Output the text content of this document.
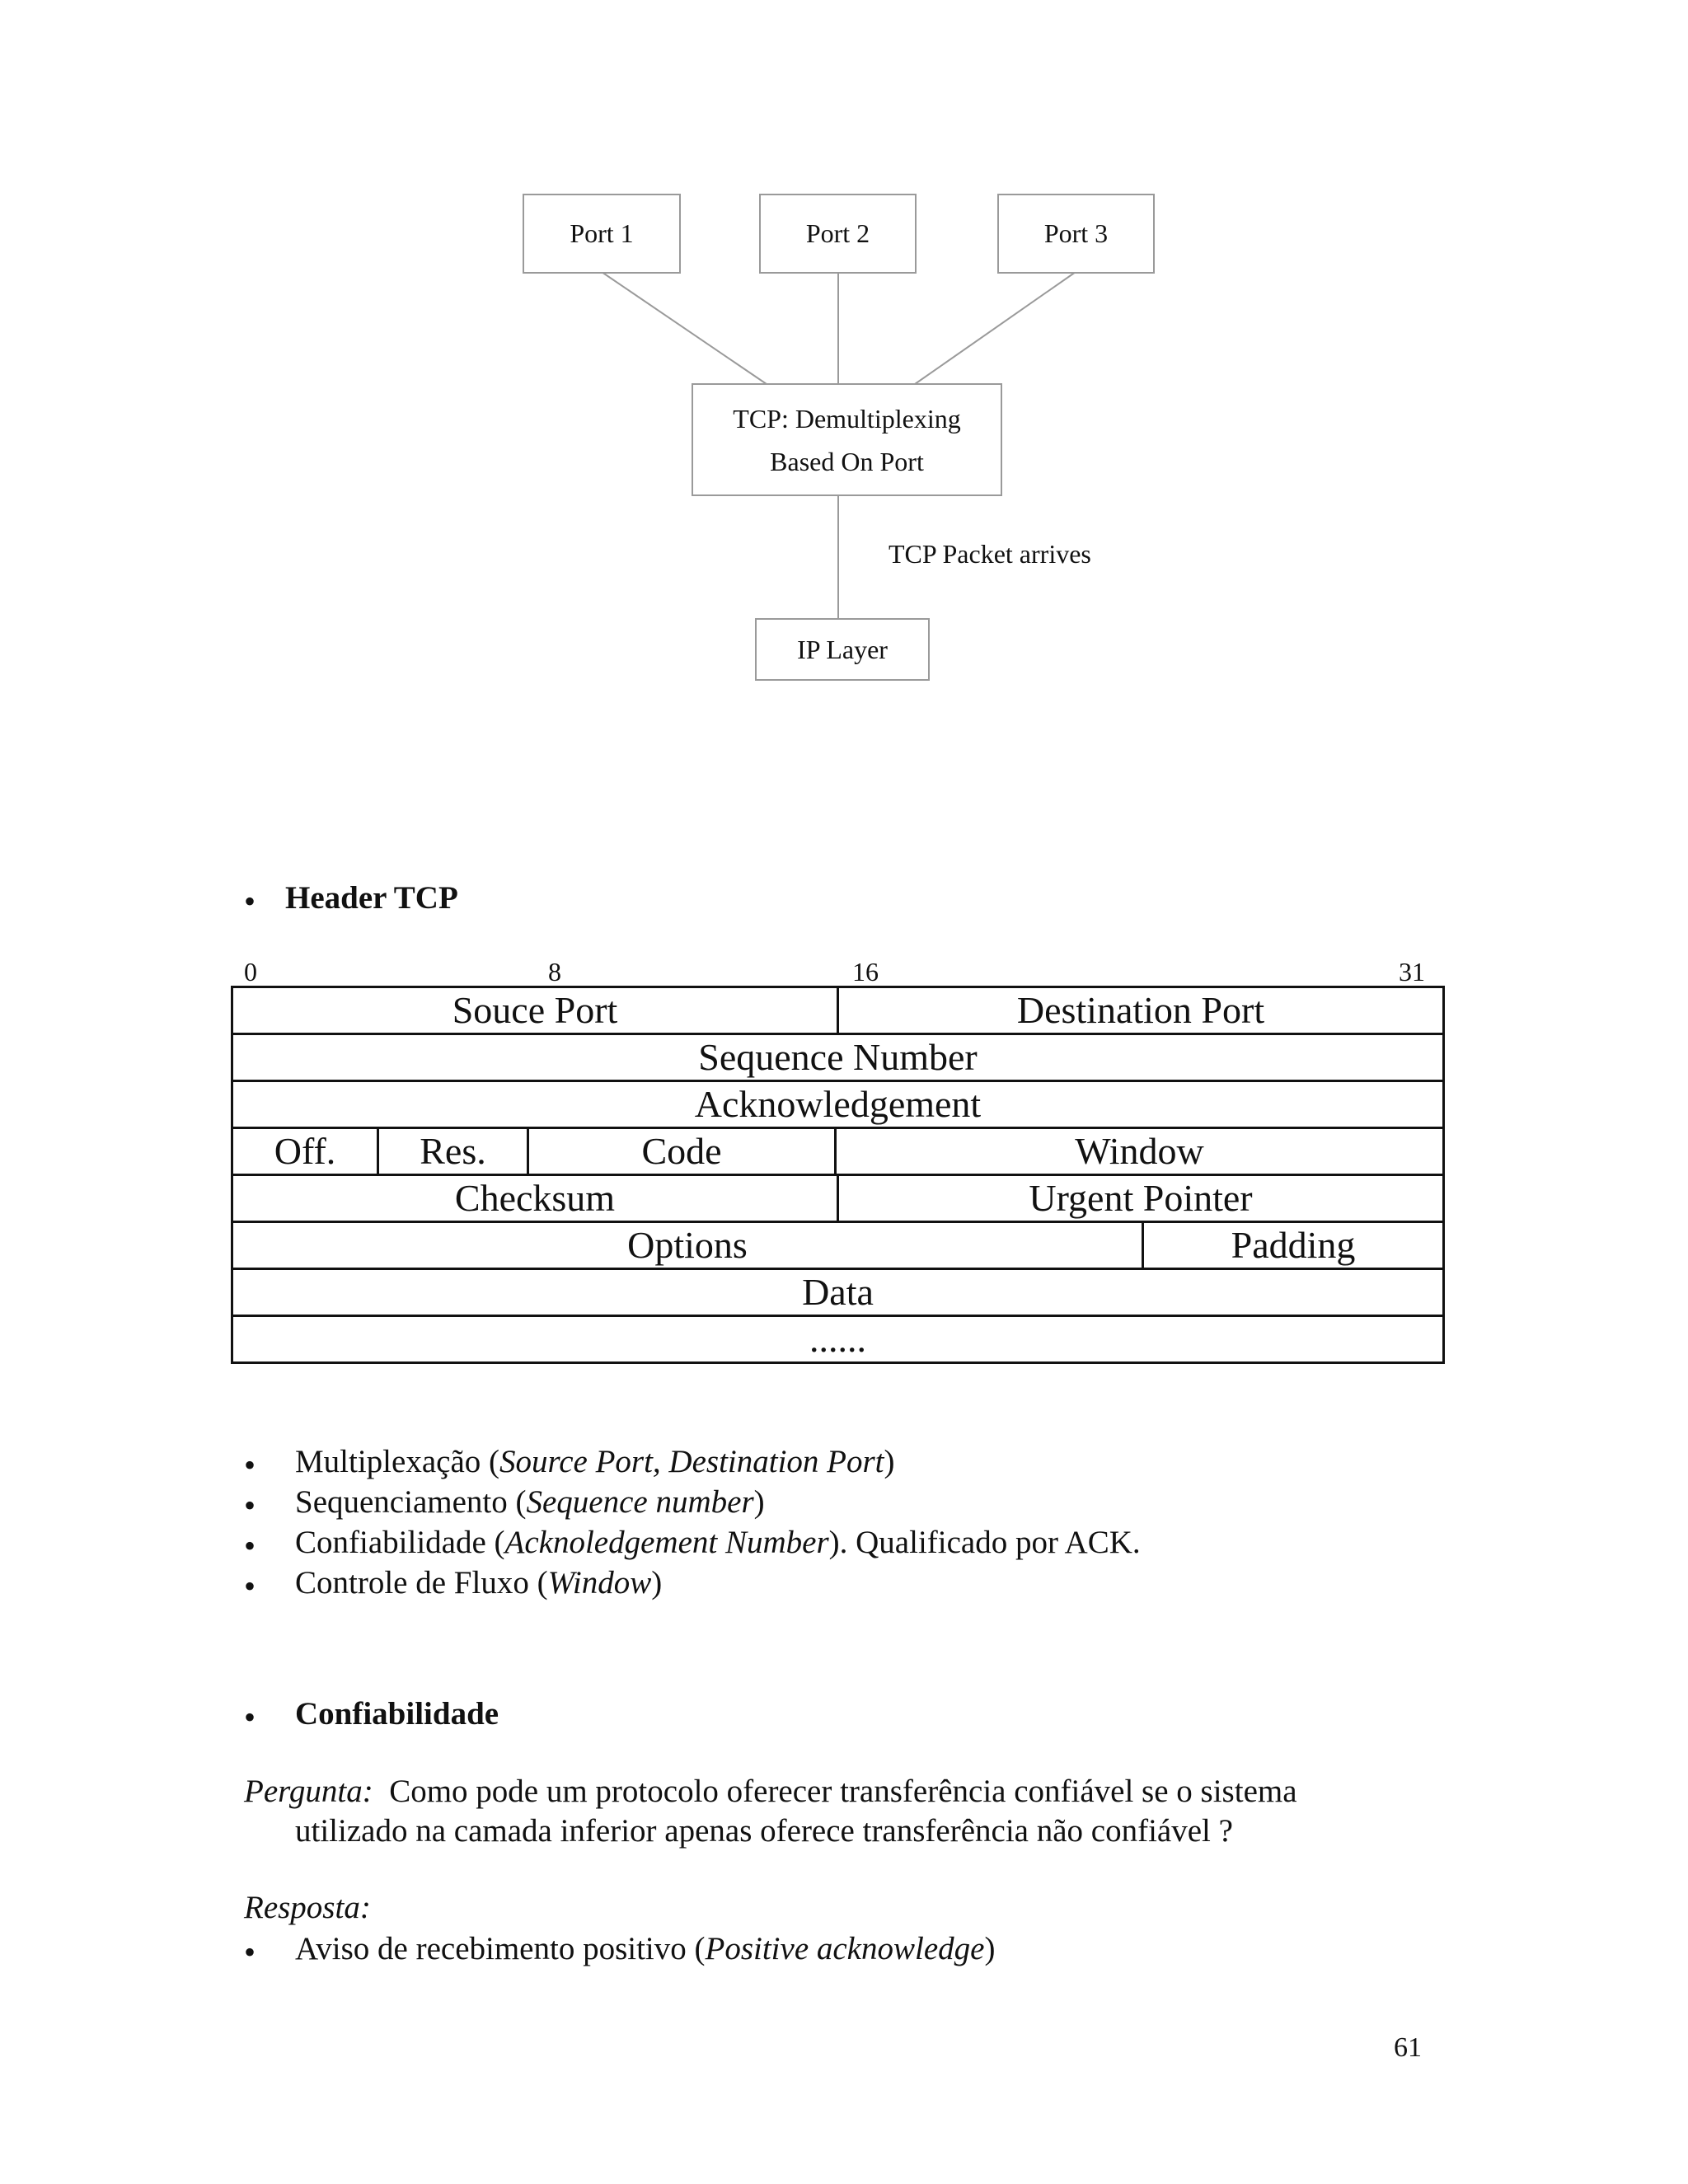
Port 1	Port 2	Port 3
TCP: Demultiplexing
Based On Port
TCP Packet arrives
IP Layer
• Header TCP
0	8	16	31
Souce Port	Destination Port
Sequence Number
Acknowledgement
Off.	Res.	Code	Window
Checksum	Urgent Pointer
Options	Padding
Data
......
• Multiplexação (Source Port, Destination Port)
• Sequenciamento (Sequence number)
• Confiabilidade (Acknoledgement Number). Qualificado por ACK.
• Controle de Fluxo (Window)
• Confiabilidade
Pergunta: Como pode um protocolo oferecer transferência confiável se o sistema
utilizado na camada inferior apenas oferece transferência não confiável ?
Resposta:
• Aviso de recebimento positivo (Positive acknowledge)
61
